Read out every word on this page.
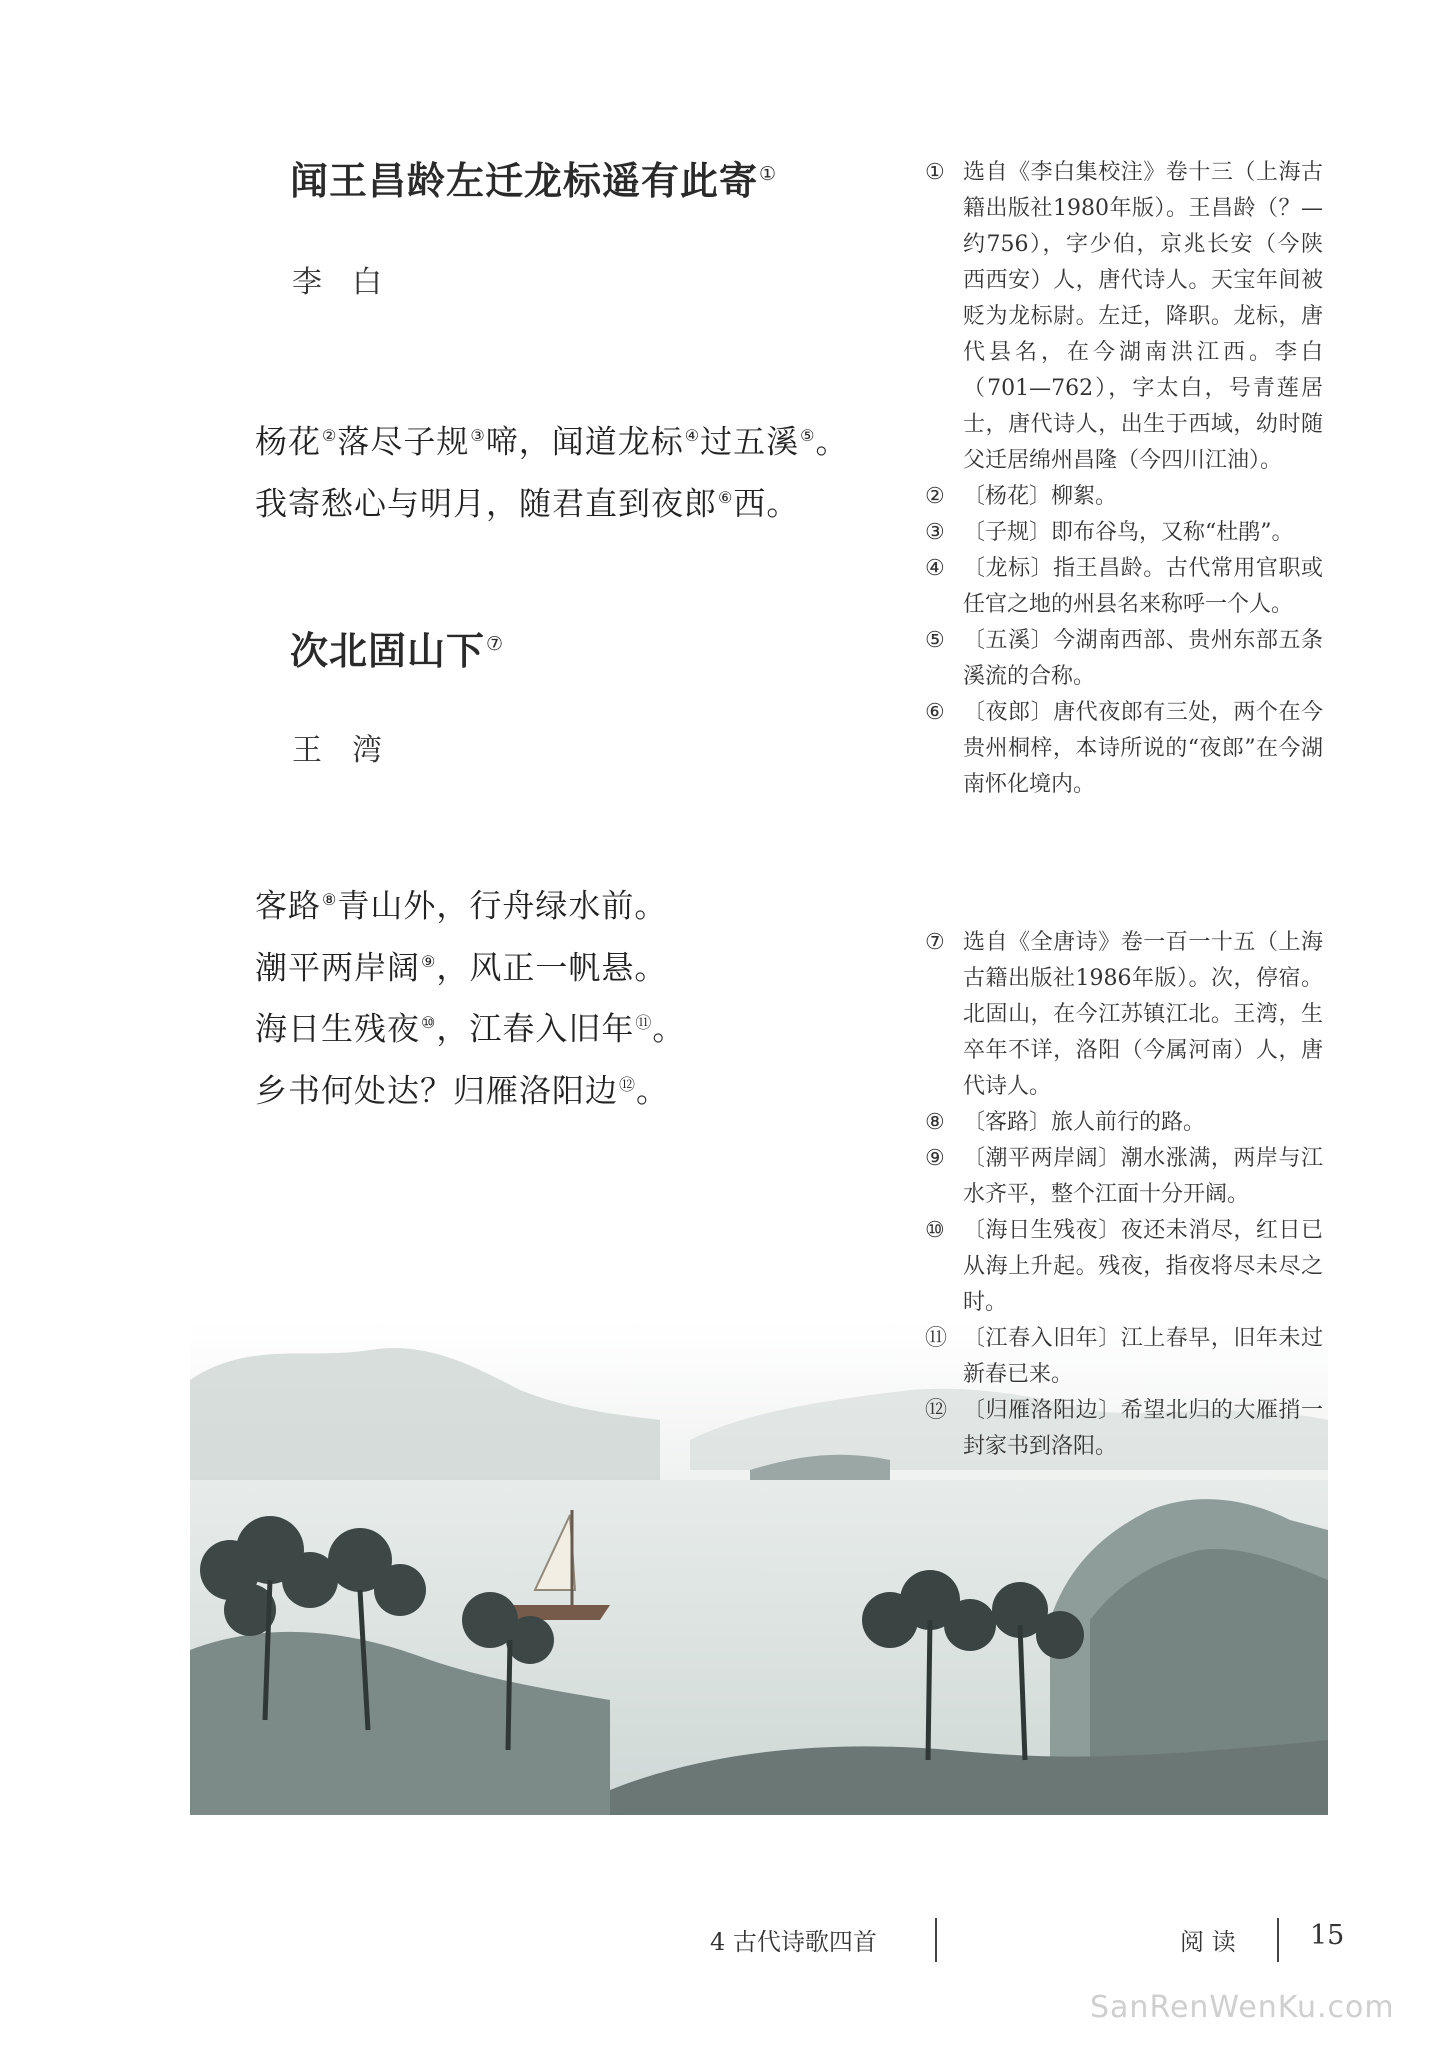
闻王昌龄左迁龙标遥有此寄①
李白
杨花②落尽子规③啼，闻道龙标④过五溪⑤。
我寄愁心与明月，随君直到夜郎⑥西。
次北固山下⑦
王湾
客路⑧青山外，行舟绿水前。
潮平两岸阔⑨，风正一帆悬。
海日生残夜⑩，江春入旧年⑪。
乡书何处达？归雁洛阳边⑫。
① 选自《李白集校注》卷十三（上海古籍出版社1980年版）。王昌龄（？—约756），字少伯，京兆长安（今陕西西安）人，唐代诗人。天宝年间被贬为龙标尉。左迁，降职。龙标，唐代县名，在今湖南洪江西。李白（701—762），字太白，号青莲居士，唐代诗人，出生于西域，幼时随父迁居绵州昌隆（今四川江油）。
② 〔杨花〕柳絮。
③ 〔子规〕即布谷鸟，又称“杜鹃”。
④ 〔龙标〕指王昌龄。古代常用官职或任官之地的州县名来称呼一个人。
⑤ 〔五溪〕今湖南西部、贵州东部五条溪流的合称。
⑥ 〔夜郎〕唐代夜郎有三处，两个在今贵州桐梓，本诗所说的“夜郎”在今湖南怀化境内。
⑦ 选自《全唐诗》卷一百一十五（上海古籍出版社1986年版）。次，停宿。北固山，在今江苏镇江北。王湾，生卒年不详，洛阳（今属河南）人，唐代诗人。
⑧ 〔客路〕旅人前行的路。
⑨ 〔潮平两岸阔〕潮水涨满，两岸与江水齐平，整个江面十分开阔。
⑩ 〔海日生残夜〕夜还未消尽，红日已从海上升起。残夜，指夜将尽未尽之时。
⑪ 〔江春入旧年〕江上春早，旧年未过新春已来。
⑫ 〔归雁洛阳边〕希望北归的大雁捎一封家书到洛阳。
4 古代诗歌四首	阅 读	15
SanRenWenKu.com
